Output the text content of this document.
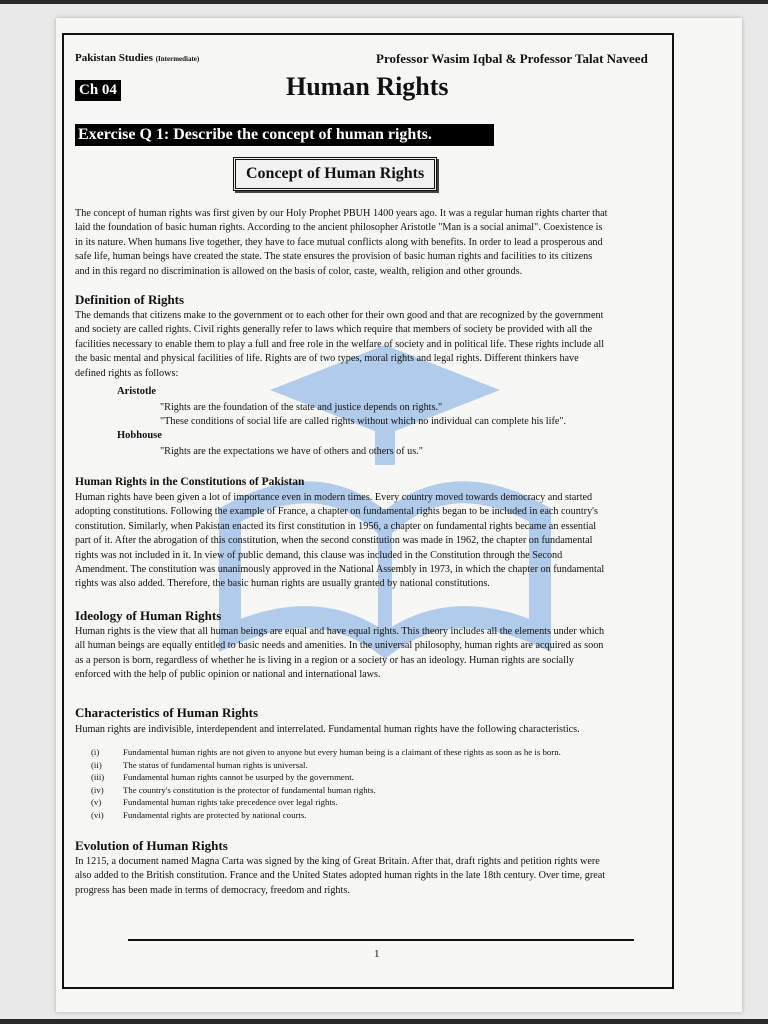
Pakistan Studies (Intermediate)	Professor Wasim Iqbal & Professor Talat Naveed
Ch 04	Human Rights
Exercise Q 1: Describe the concept of human rights.
Concept of Human Rights
The concept of human rights was first given by our Holy Prophet PBUH 1400 years ago. It was a regular human rights charter that
laid the foundation of basic human rights. According to the ancient philosopher Aristotle "Man is a social animal". Coexistence is
in its nature. When humans live together, they have to face mutual conflicts along with benefits. In order to lead a prosperous and
safe life, human beings have created the state. The state ensures the provision of basic human rights and facilities to its citizens
and in this regard no discrimination is allowed on the basis of color, caste, wealth, religion and other grounds.
Definition of Rights
The demands that citizens make to the government or to each other for their own good and that are recognized by the government
and society are called rights. Civil rights generally refer to laws which require that members of society be provided with all the
facilities necessary to enable them to play a full and free role in the welfare of society and in political life. These rights include all
the basic mental and physical facilities of life. Rights are of two types, moral rights and legal rights. Different thinkers have
defined rights as follows:
Aristotle
"Rights are the foundation of the state and justice depends on rights."
"These conditions of social life are called rights without which no individual can complete his life".
Hobhouse
"Rights are the expectations we have of others and others of us."
Human Rights in the Constitutions of Pakistan
Human rights have been given a lot of importance even in modern times. Every country moved towards democracy and started
adopting constitutions. Following the example of France, a chapter on fundamental rights began to be included in each country's
constitution. Similarly, when Pakistan enacted its first constitution in 1956, a chapter on fundamental rights became an essential
part of it. After the abrogation of this constitution, when the second constitution was made in 1962, the chapter on fundamental
rights was not included in it. In view of public demand, this clause was included in the Constitution through the Second
Amendment. The constitution was unanimously approved in the National Assembly in 1973, in which the chapter on fundamental
rights was also added. Therefore, the basic human rights are usually granted by national constitutions.
Ideology of Human Rights
Human rights is the view that all human beings are equal and have equal rights. This theory includes all the elements under which
all human beings are equally entitled to basic needs and amenities. In the universal philosophy, human rights are acquired as soon
as a person is born, regardless of whether he is living in a region or a society or has an ideology. Human rights are socially
enforced with the help of public opinion or national and international laws.
Characteristics of Human Rights
Human rights are indivisible, interdependent and interrelated. Fundamental human rights have the following characteristics.
(i)	Fundamental human rights are not given to anyone but every human being is a claimant of these rights as soon as he is born.
(ii) The status of fundamental human rights is universal.
(iii) Fundamental human rights cannot be usurped by the government.
(iv) The country's constitution is the protector of fundamental human rights.
(v) Fundamental human rights take precedence over legal rights.
(vi) Fundamental rights are protected by national courts.
Evolution of Human Rights
In 1215, a document named Magna Carta was signed by the king of Great Britain. After that, draft rights and petition rights were
also added to the British constitution. France and the United States adopted human rights in the late 18th century. Over time, great
progress has been made in terms of democracy, freedom and rights.
1
